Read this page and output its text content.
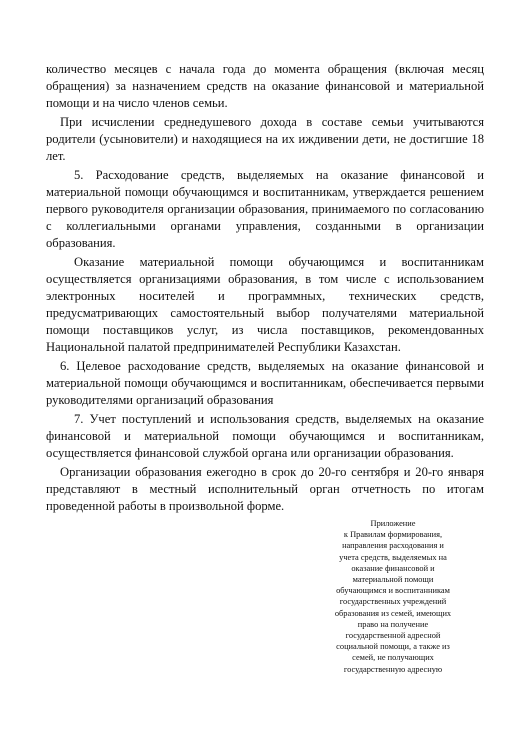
количество месяцев с начала года до момента обращения (включая месяц обращения) за назначением средств на оказание финансовой и материальной помощи и на число членов семьи.

При исчислении среднедушевого дохода в составе семьи учитываются родители (усыновители) и находящиеся на их иждивении дети, не достигшие 18 лет.

5. Расходование средств, выделяемых на оказание финансовой и материальной помощи обучающимся и воспитанникам, утверждается решением первого руководителя организации образования, принимаемого по согласованию с коллегиальными органами управления, созданными в организации образования.

Оказание материальной помощи обучающимся и воспитанникам осуществляется организациями образования, в том числе с использованием электронных носителей и программных, технических средств, предусматривающих самостоятельный выбор получателями материальной помощи поставщиков услуг, из числа поставщиков, рекомендованных Национальной палатой предпринимателей Республики Казахстан.

6. Целевое расходование средств, выделяемых на оказание финансовой и материальной помощи обучающимся и воспитанникам, обеспечивается первыми руководителями организаций образования

7. Учет поступлений и использования средств, выделяемых на оказание финансовой и материальной помощи обучающимся и воспитанникам, осуществляется финансовой службой органа или организации образования.

Организации образования ежегодно в срок до 20-го сентября и 20-го января представляют в местный исполнительный орган отчетность по итогам проведенной работы в произвольной форме.

Приложение
к Правилам формирования,
направления расходования и
учета средств, выделяемых на
оказание финансовой и
материальной помощи
обучающимся и воспитанникам
государственных учреждений
образования из семей, имеющих
право на получение
государственной адресной
социальной помощи, а также из
семей, не получающих
государственную адресную
